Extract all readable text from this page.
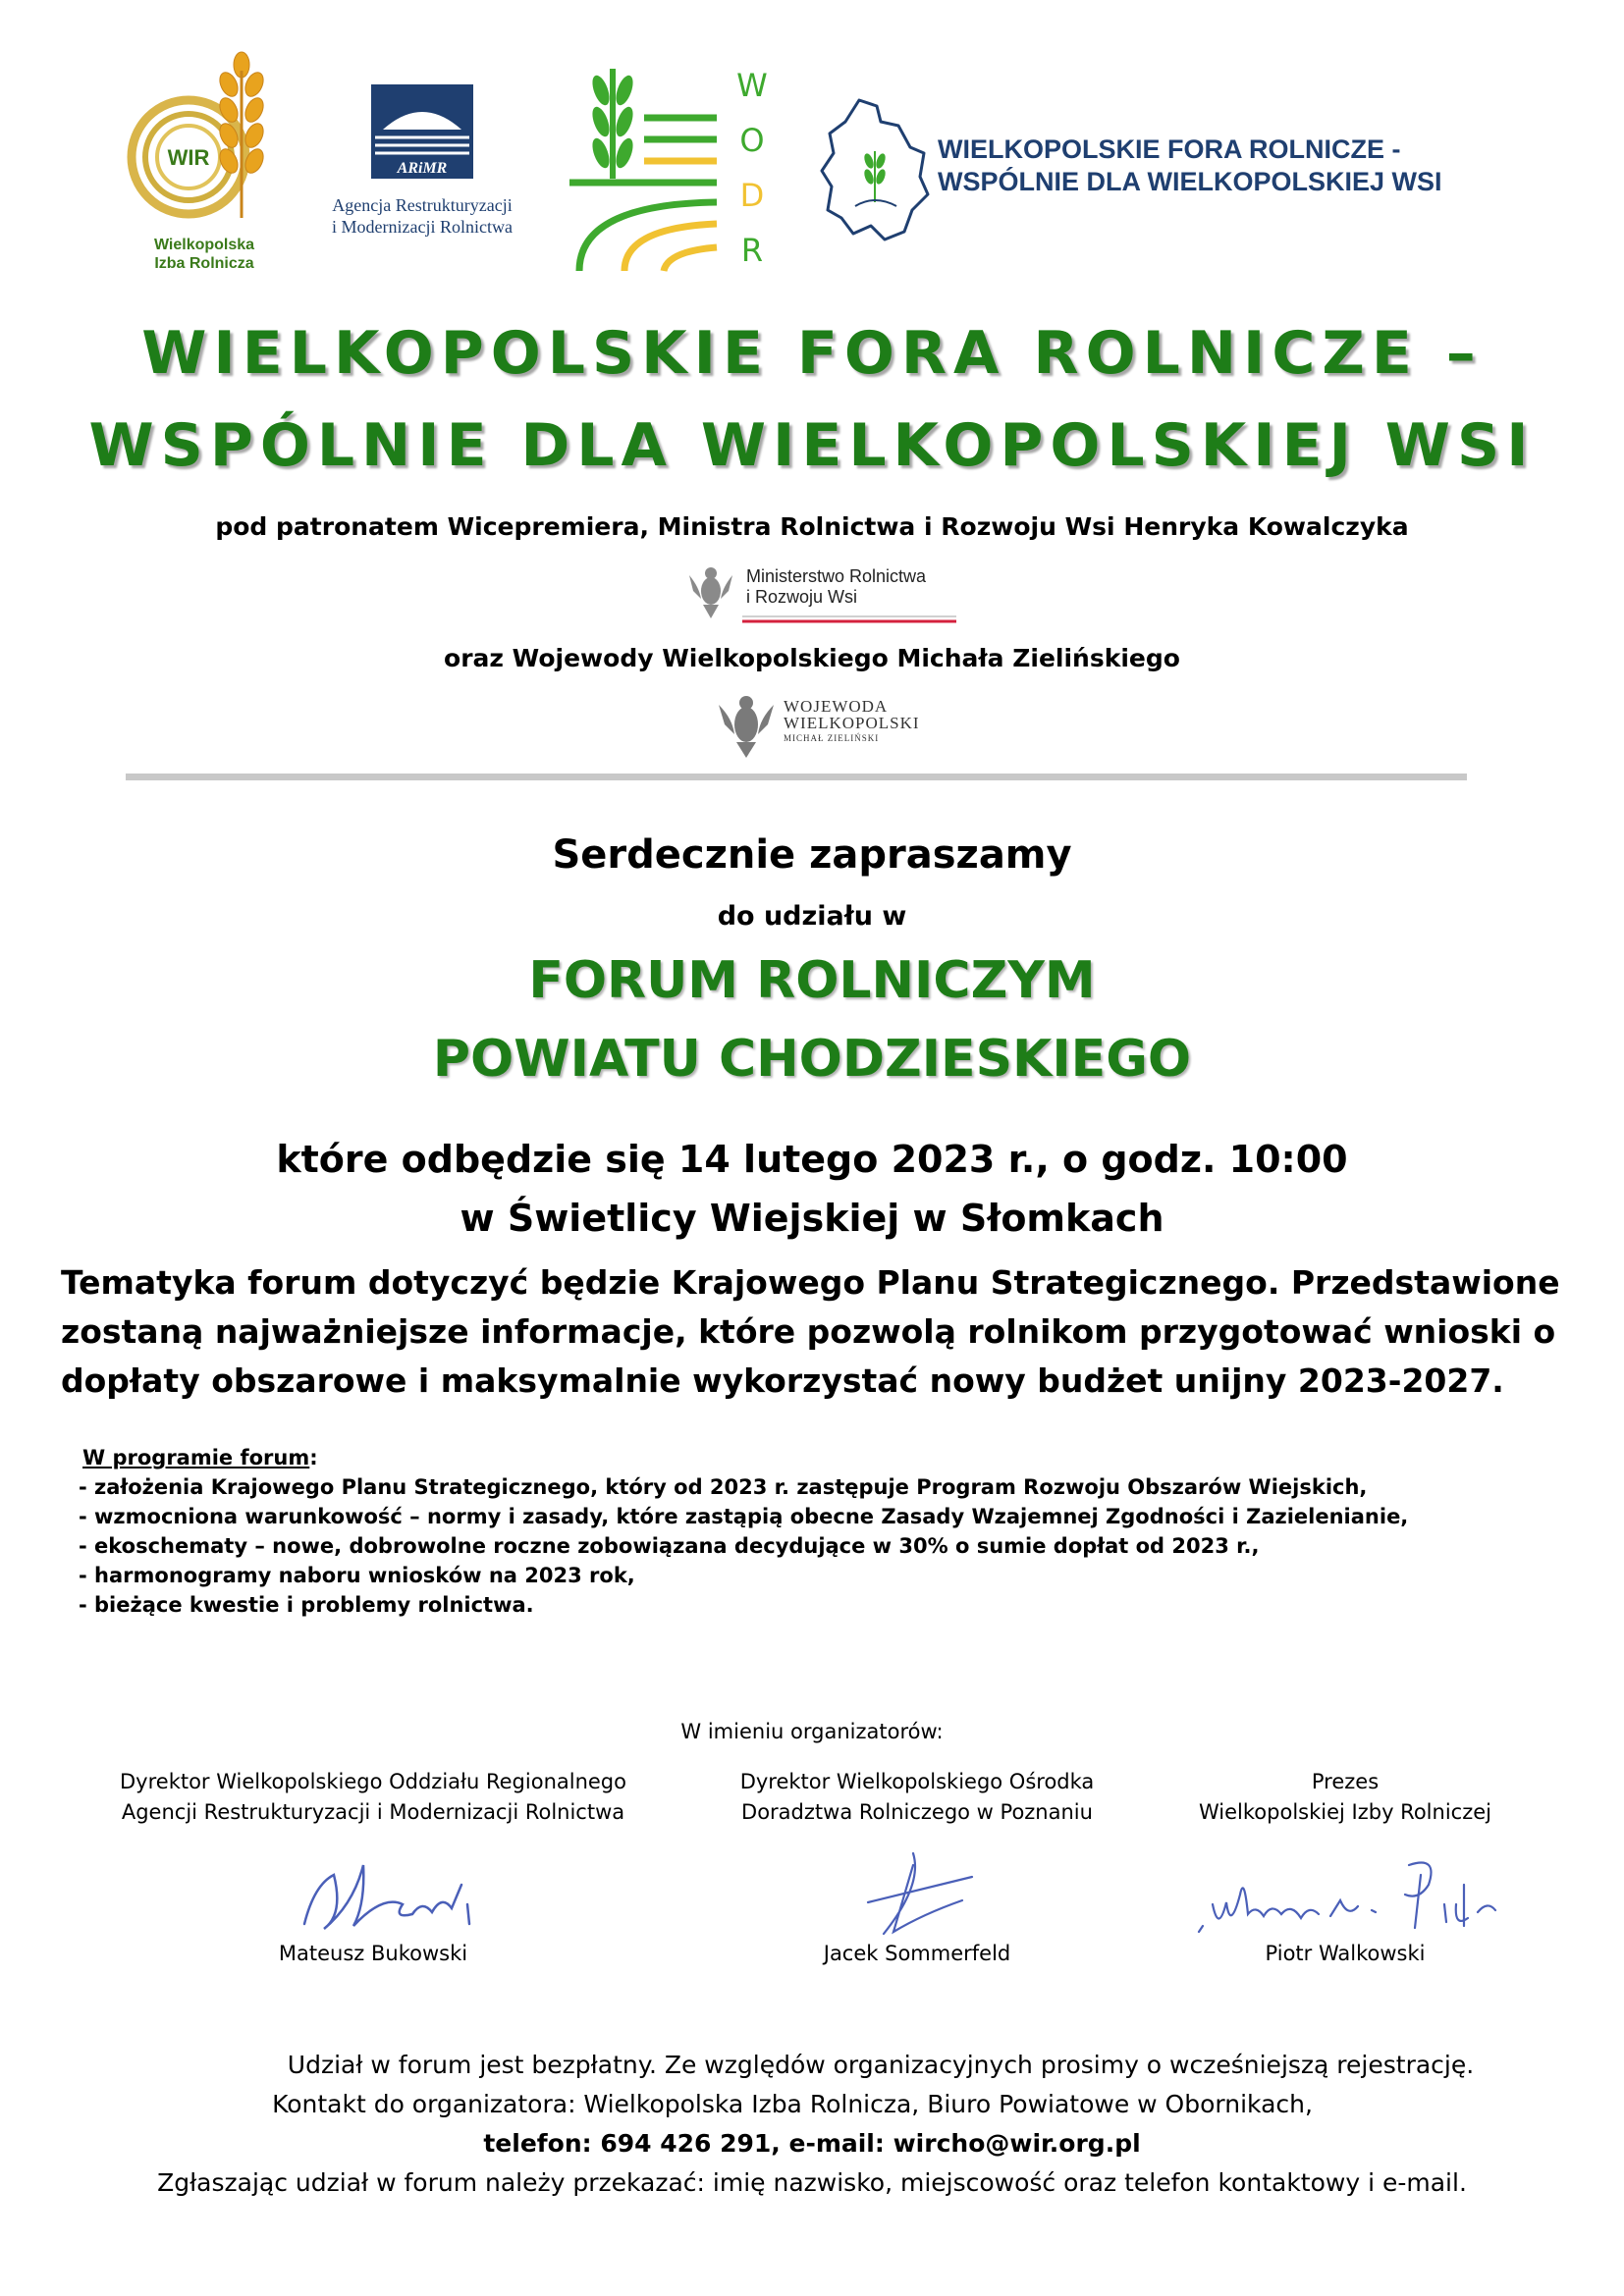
WIR
Wielkopolska
Izba Rolnicza
ARiMR
Agencja Restrukturyzacji
i Modernizacji Rolnictwa
W
O
D
R
WIELKOPOLSKIE FORA ROLNICZE -
WSPÓLNIE DLA WIELKOPOLSKIEJ WSI
WIELKOPOLSKIE FORA ROLNICZE –
WSPÓLNIE DLA WIELKOPOLSKIEJ WSI
pod patronatem Wicepremiera, Ministra Rolnictwa i Rozwoju Wsi Henryka Kowalczyka
Ministerstwo Rolnictwa
i Rozwoju Wsi
oraz Wojewody Wielkopolskiego Michała Zielińskiego
WOJEWODA
WIELKOPOLSKI
MICHAŁ ZIELIŃSKI
Serdecznie zapraszamy
do udziału w
FORUM ROLNICZYM
POWIATU CHODZIESKIEGO
które odbędzie się 14 lutego 2023 r., o godz. 10:00
w Świetlicy Wiejskiej w Słomkach
Tematyka forum dotyczyć będzie Krajowego Planu Strategicznego. Przedstawione
zostaną najważniejsze informacje, które pozwolą rolnikom przygotować wnioski o
dopłaty obszarowe i maksymalnie wykorzystać nowy budżet unijny 2023-2027.
W programie forum:
- założenia Krajowego Planu Strategicznego, który od 2023 r. zastępuje Program Rozwoju Obszarów Wiejskich,
- wzmocniona warunkowość – normy i zasady, które zastąpią obecne Zasady Wzajemnej Zgodności i Zazielenianie,
- ekoschematy – nowe, dobrowolne roczne zobowiązana decydujące w 30% o sumie dopłat od 2023 r.,
- harmonogramy naboru wniosków na 2023 rok,
- bieżące kwestie i problemy rolnictwa.
W imieniu organizatorów:
Dyrektor Wielkopolskiego Oddziału Regionalnego
Agencji Restrukturyzacji i Modernizacji Rolnictwa
Mateusz Bukowski
Dyrektor Wielkopolskiego Ośrodka
Doradztwa Rolniczego w Poznaniu
Jacek Sommerfeld
Prezes
Wielkopolskiej Izby Rolniczej
Piotr Walkowski
Udział w forum jest bezpłatny. Ze względów organizacyjnych prosimy o wcześniejszą rejestrację.
Kontakt do organizatora: Wielkopolska Izba Rolnicza, Biuro Powiatowe w Obornikach,
telefon: 694 426 291, e-mail: wircho@wir.org.pl
Zgłaszając udział w forum należy przekazać: imię nazwisko, miejscowość oraz telefon kontaktowy i e-mail.
